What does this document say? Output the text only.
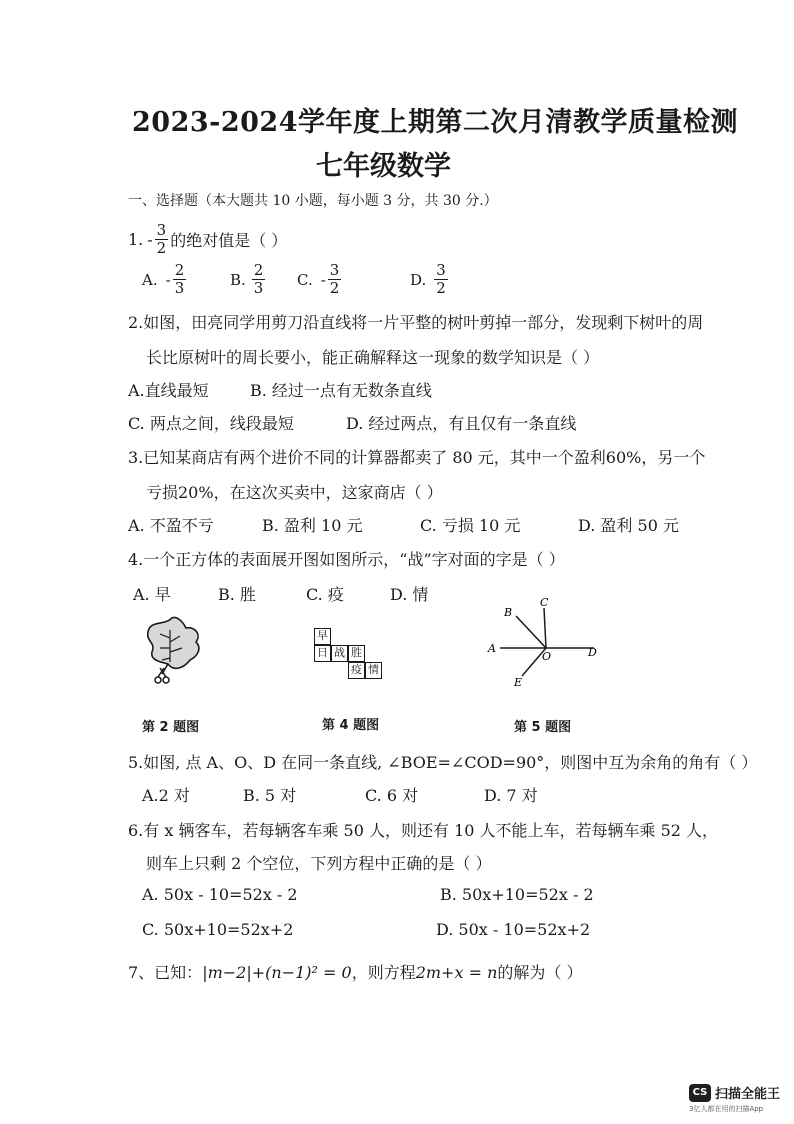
2023-2024学年度上期第二次月清教学质量检测
七年级数学
一、选择题（本大题共 10 小题，每小题 3 分，共 30 分.）
1. - $\frac{3}{2}$ 的绝对值是（ ）
A. - $\frac{2}{3}$	B. $\frac{2}{3} C$. - $\frac{3}{2}$	D. $\frac{3}{2}$
2.如图，田亮同学用剪刀沿直线将一片平整的树叶剪掉一部分，发现剩下树叶的周
长比原树叶的周长要小，能正确解释这一现象的数学知识是（ ）
A.直线最短	B. 经过一点有无数条直线
C. 两点之间，线段最短	D. 经过两点，有且仅有一条直线
3.已知某商店有两个进价不同的计算器都卖了 80 元，其中一个盈利60%，另一个
亏损20%，在这次买卖中，这家商店（ ）
A. 不盈不亏	B. 盈利 10 元	C. 亏损 10 元	D. 盈利 50 元
4.一个正方体的表面展开图如图所示，“战”字对面的字是（ ）
A. 早	B. 胜	C. 疫	D. 情
早
日 战 胜
疫 情
B
C
A
O	D
E
第 2 题图	第 4 题图	第 5 题图
5.如图, 点 A、O、D 在同一条直线, ∠BOE=∠COD=90°，则图中互为余角的角有（ ）
A.2 对	B. 5 对	C. 6 对	D. 7 对
6.有 x 辆客车，若每辆客车乘 50 人，则还有 10 人不能上车，若每辆车乘 52 人，
则车上只剩 2 个空位，下列方程中正确的是（ ）
A. 50x - 10=52x - 2	B. 50x+10=52x - 2
C. 50x+10=52x+2	D. 50x - 10=52x+2
7、已知：|m−2|+(n−1)² = 0，则方程2m+x = n的解为（ ）
CS 扫描全能王
3亿人都在用的扫描App
